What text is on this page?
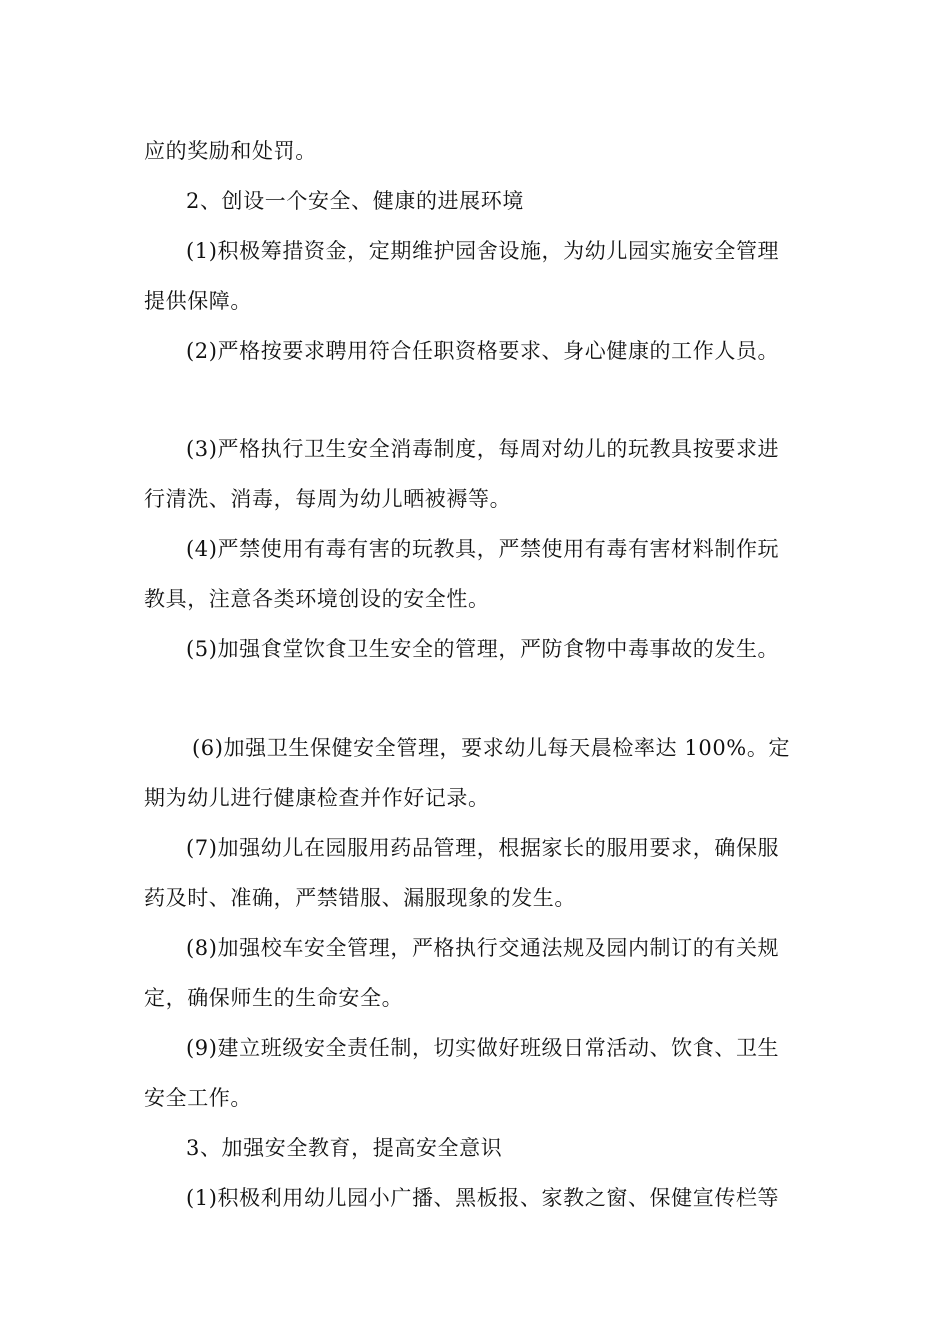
应的奖励和处罚。
2、创设一个安全、健康的进展环境
(1)积极筹措资金，定期维护园舍设施，为幼儿园实施安全管理
提供保障。
(2)严格按要求聘用符合任职资格要求、身心健康的工作人员。
(3)严格执行卫生安全消毒制度，每周对幼儿的玩教具按要求进
行清洗、消毒，每周为幼儿晒被褥等。
(4)严禁使用有毒有害的玩教具，严禁使用有毒有害材料制作玩
教具，注意各类环境创设的安全性。
(5)加强食堂饮食卫生安全的管理，严防食物中毒事故的发生。
(6)加强卫生保健安全管理，要求幼儿每天晨检率达 100%。定
期为幼儿进行健康检查并作好记录。
(7)加强幼儿在园服用药品管理，根据家长的服用要求，确保服
药及时、准确，严禁错服、漏服现象的发生。
(8)加强校车安全管理，严格执行交通法规及园内制订的有关规
定，确保师生的生命安全。
(9)建立班级安全责任制，切实做好班级日常活动、饮食、卫生
安全工作。
3、加强安全教育，提高安全意识
(1)积极利用幼儿园小广播、黑板报、家教之窗、保健宣传栏等
